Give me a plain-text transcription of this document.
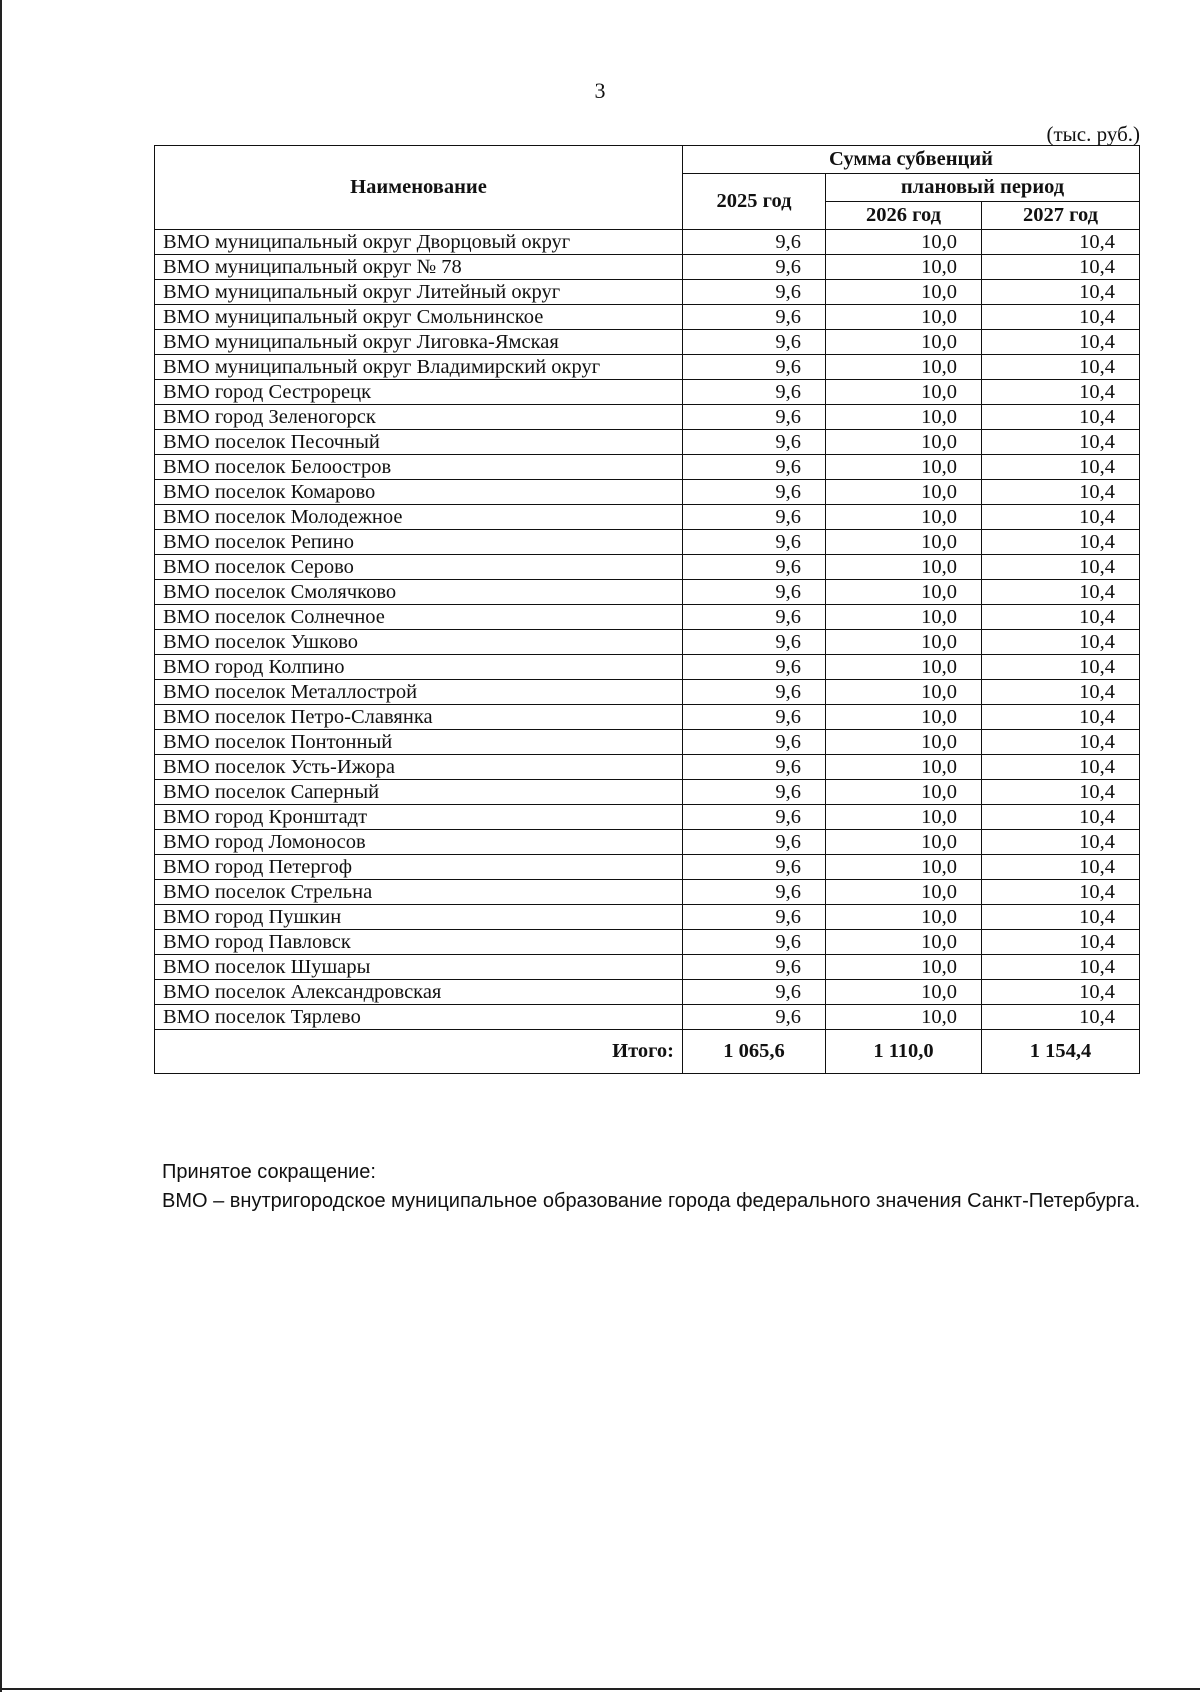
3
(тыс. руб.)
Наименование	Сумма субвенций		
	2025 год	плановый период	
		2026 год	2027 год
ВМО муниципальный округ Дворцовый округ	9,6	10,0	10,4
ВМО муниципальный округ № 78	9,6	10,0	10,4
ВМО муниципальный округ Литейный округ	9,6	10,0	10,4
ВМО муниципальный округ Смольнинское	9,6	10,0	10,4
ВМО муниципальный округ Лиговка-Ямская	9,6	10,0	10,4
ВМО муниципальный округ Владимирский округ	9,6	10,0	10,4
ВМО город Сестрорецк	9,6	10,0	10,4
ВМО город Зеленогорск	9,6	10,0	10,4
ВМО поселок Песочный	9,6	10,0	10,4
ВМО поселок Белоостров	9,6	10,0	10,4
ВМО поселок Комарово	9,6	10,0	10,4
ВМО поселок Молодежное	9,6	10,0	10,4
ВМО поселок Репино	9,6	10,0	10,4
ВМО поселок Серово	9,6	10,0	10,4
ВМО поселок Смолячково	9,6	10,0	10,4
ВМО поселок Солнечное	9,6	10,0	10,4
ВМО поселок Ушково	9,6	10,0	10,4
ВМО город Колпино	9,6	10,0	10,4
ВМО поселок Металлострой	9,6	10,0	10,4
ВМО поселок Петро-Славянка	9,6	10,0	10,4
ВМО поселок Понтонный	9,6	10,0	10,4
ВМО поселок Усть-Ижора	9,6	10,0	10,4
ВМО поселок Саперный	9,6	10,0	10,4
ВМО город Кронштадт	9,6	10,0	10,4
ВМО город Ломоносов	9,6	10,0	10,4
ВМО город Петергоф	9,6	10,0	10,4
ВМО поселок Стрельна	9,6	10,0	10,4
ВМО город Пушкин	9,6	10,0	10,4
ВМО город Павловск	9,6	10,0	10,4
ВМО поселок Шушары	9,6	10,0	10,4
ВМО поселок Александровская	9,6	10,0	10,4
ВМО поселок Тярлево	9,6	10,0	10,4
Итого:	1 065,6	1 110,0	1 154,4
Принятое сокращение:
ВМО – внутригородское муниципальное образование города федерального значения Санкт-Петербурга.
